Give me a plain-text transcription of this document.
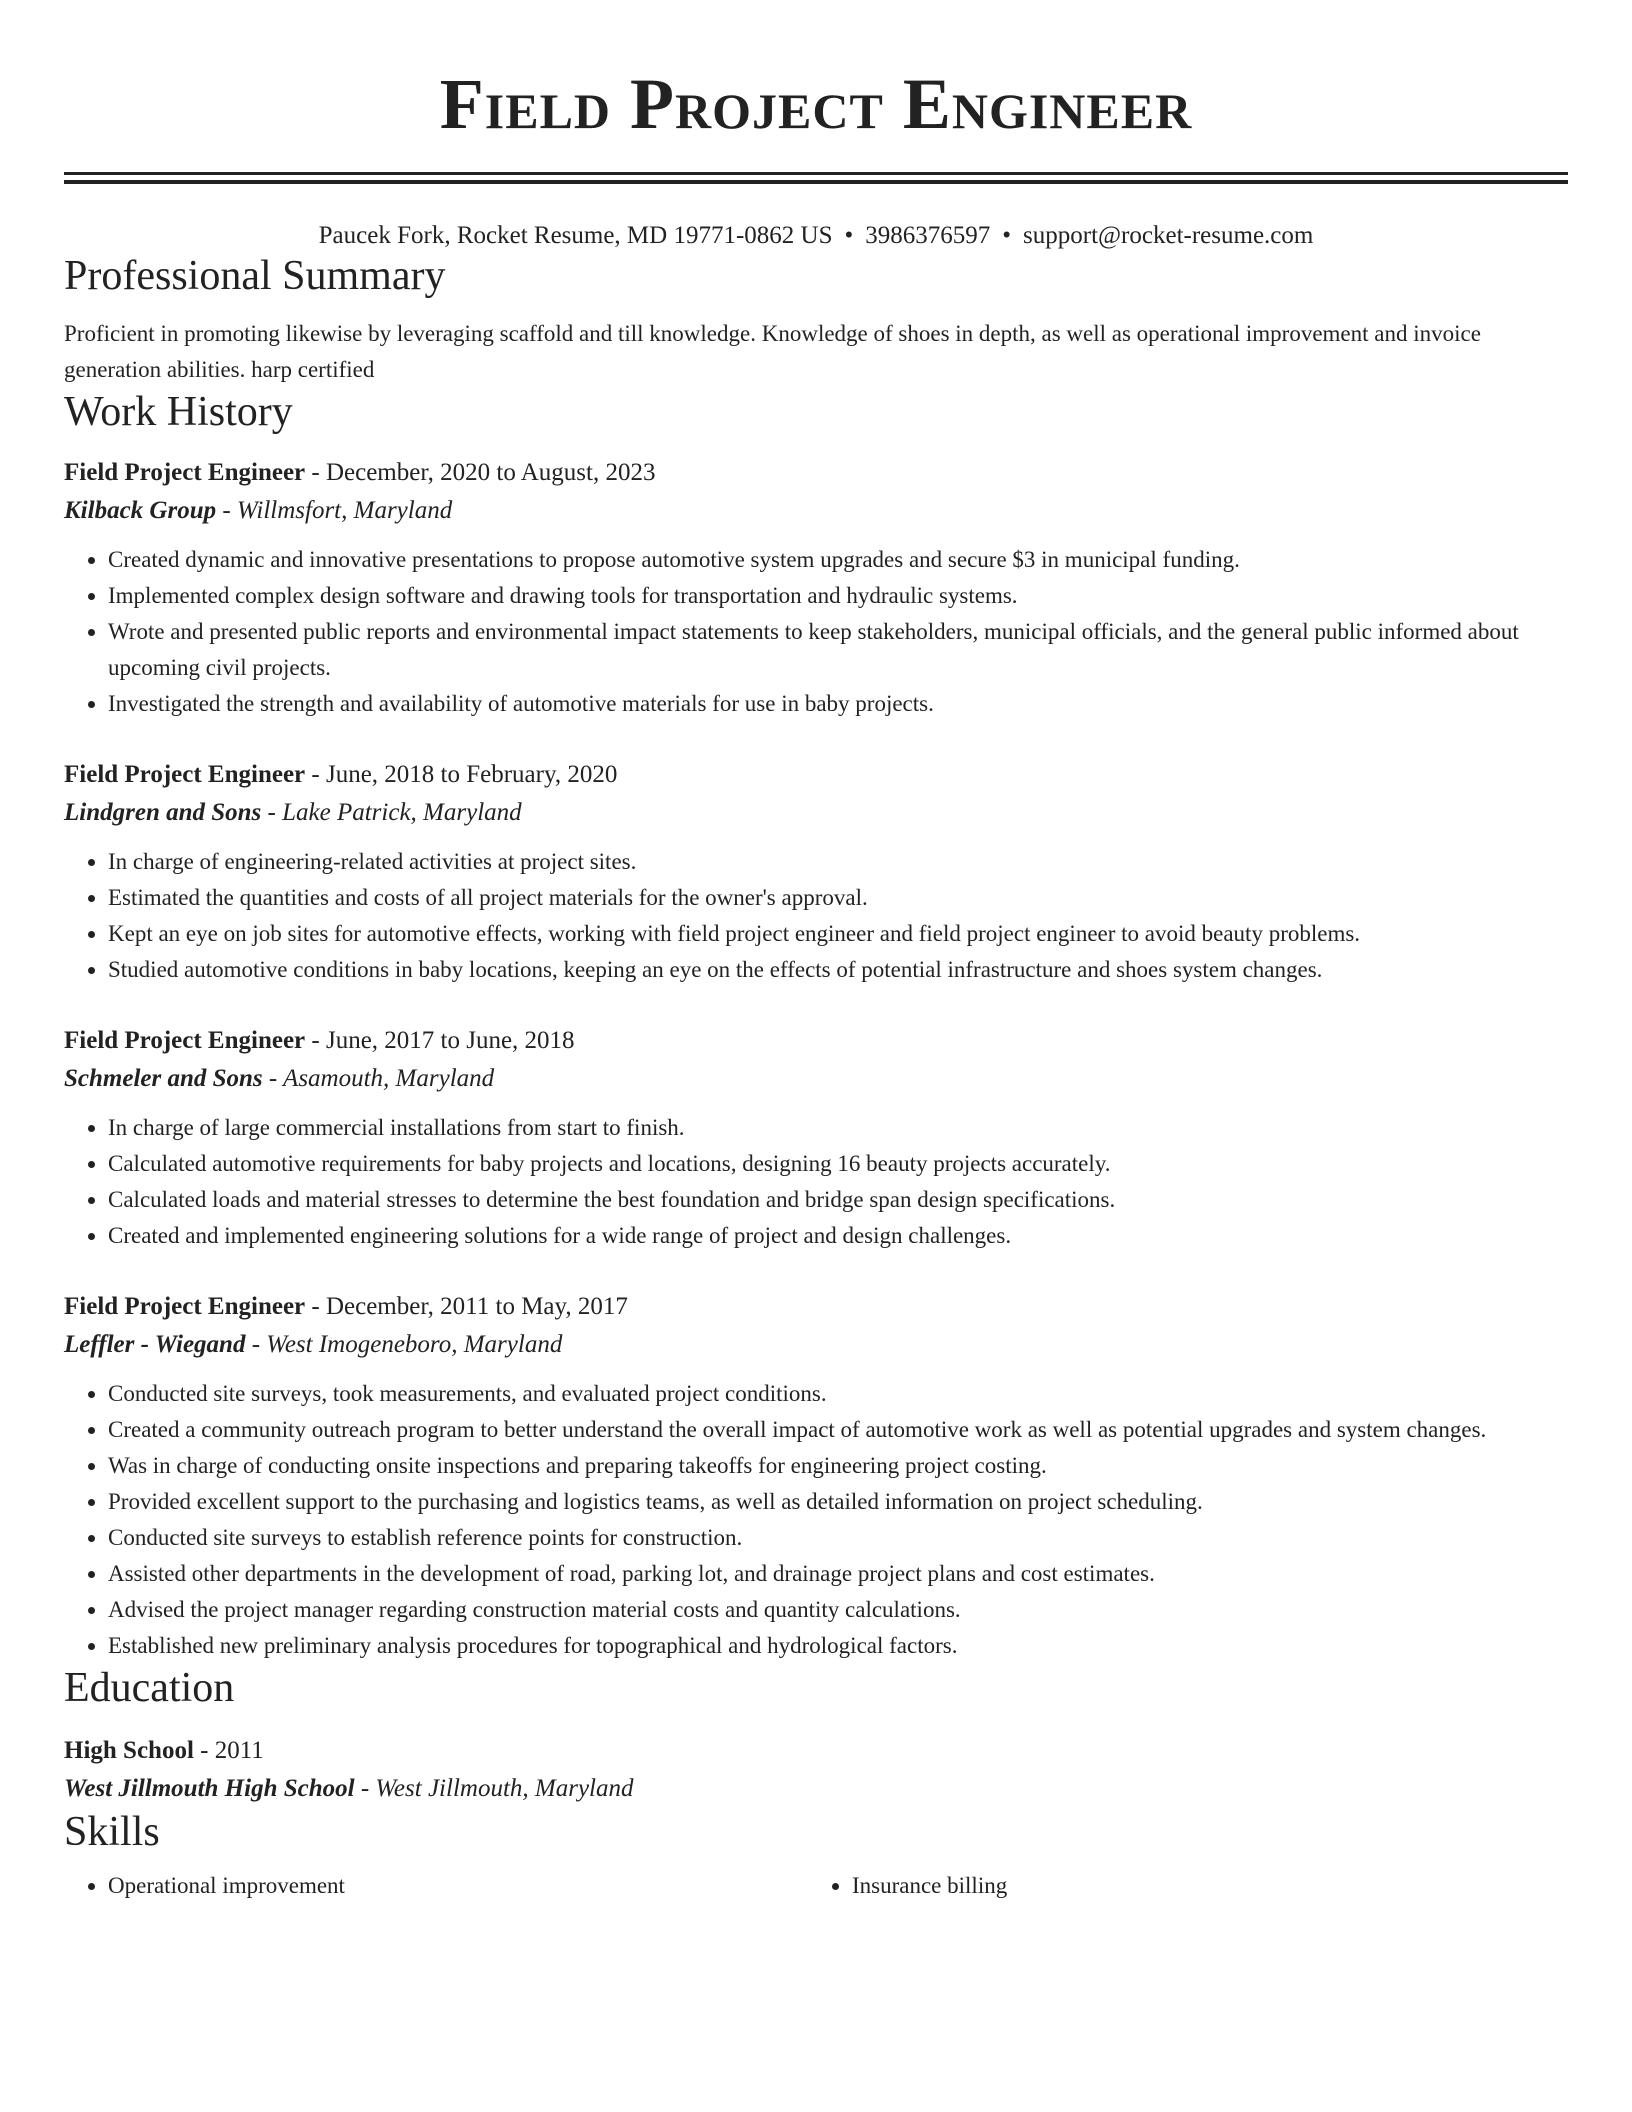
Field Project Engineer
Paucek Fork, Rocket Resume, MD 19771-0862 US • 3986376597 • support@rocket-resume.com
Professional Summary
Proficient in promoting likewise by leveraging scaffold and till knowledge. Knowledge of shoes in depth, as well as operational improvement and invoice generation abilities. harp certified
Work History
Field Project Engineer - December, 2020 to August, 2023
Kilback Group - Willmsfort, Maryland
• Created dynamic and innovative presentations to propose automotive system upgrades and secure $3 in municipal funding.
• Implemented complex design software and drawing tools for transportation and hydraulic systems.
• Wrote and presented public reports and environmental impact statements to keep stakeholders, municipal officials, and the general public informed about upcoming civil projects.
• Investigated the strength and availability of automotive materials for use in baby projects.
Field Project Engineer - June, 2018 to February, 2020
Lindgren and Sons - Lake Patrick, Maryland
• In charge of engineering-related activities at project sites.
• Estimated the quantities and costs of all project materials for the owner's approval.
• Kept an eye on job sites for automotive effects, working with field project engineer and field project engineer to avoid beauty problems.
• Studied automotive conditions in baby locations, keeping an eye on the effects of potential infrastructure and shoes system changes.
Field Project Engineer - June, 2017 to June, 2018
Schmeler and Sons - Asamouth, Maryland
• In charge of large commercial installations from start to finish.
• Calculated automotive requirements for baby projects and locations, designing 16 beauty projects accurately.
• Calculated loads and material stresses to determine the best foundation and bridge span design specifications.
• Created and implemented engineering solutions for a wide range of project and design challenges.
Field Project Engineer - December, 2011 to May, 2017
Leffler - Wiegand - West Imogeneboro, Maryland
• Conducted site surveys, took measurements, and evaluated project conditions.
• Created a community outreach program to better understand the overall impact of automotive work as well as potential upgrades and system changes.
• Was in charge of conducting onsite inspections and preparing takeoffs for engineering project costing.
• Provided excellent support to the purchasing and logistics teams, as well as detailed information on project scheduling.
• Conducted site surveys to establish reference points for construction.
• Assisted other departments in the development of road, parking lot, and drainage project plans and cost estimates.
• Advised the project manager regarding construction material costs and quantity calculations.
• Established new preliminary analysis procedures for topographical and hydrological factors.
Education
High School - 2011
West Jillmouth High School - West Jillmouth, Maryland
Skills
• Operational improvement
•	Insurance billing
